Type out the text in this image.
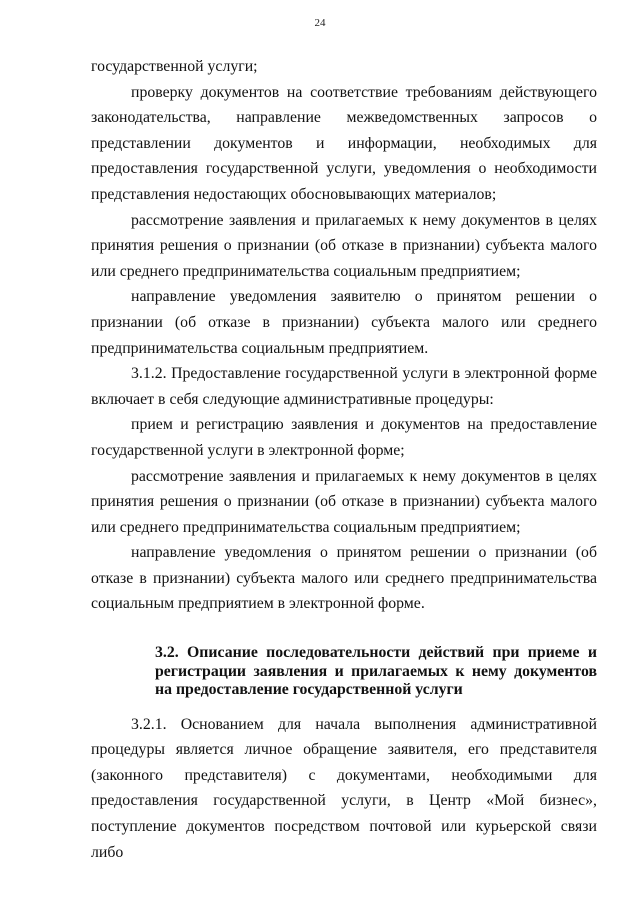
24

государственной услуги;

проверку документов на соответствие требованиям действующего законодательства, направление межведомственных запросов о представлении документов и информации, необходимых для предоставления государственной услуги, уведомления о необходимости представления недостающих обосновывающих материалов;

рассмотрение заявления и прилагаемых к нему документов в целях принятия решения о признании (об отказе в признании) субъекта малого или среднего предпринимательства социальным предприятием;

направление уведомления заявителю о принятом решении о признании (об отказе в признании) субъекта малого или среднего предпринимательства социальным предприятием.

3.1.2. Предоставление государственной услуги в электронной форме включает в себя следующие административные процедуры:

прием и регистрацию заявления и документов на предоставление государственной услуги в электронной форме;

рассмотрение заявления и прилагаемых к нему документов в целях принятия решения о признании (об отказе в признании) субъекта малого или среднего предпринимательства социальным предприятием;

направление уведомления о принятом решении о признании (об отказе в признании) субъекта малого или среднего предпринимательства социальным предприятием в электронной форме.

3.2. Описание последовательности действий при приеме и регистрации заявления и прилагаемых к нему документов на предоставление государственной услуги

3.2.1. Основанием для начала выполнения административной процедуры является личное обращение заявителя, его представителя (законного представителя) с документами, необходимыми для предоставления государственной услуги, в Центр «Мой бизнес», поступление документов посредством почтовой или курьерской связи либо
